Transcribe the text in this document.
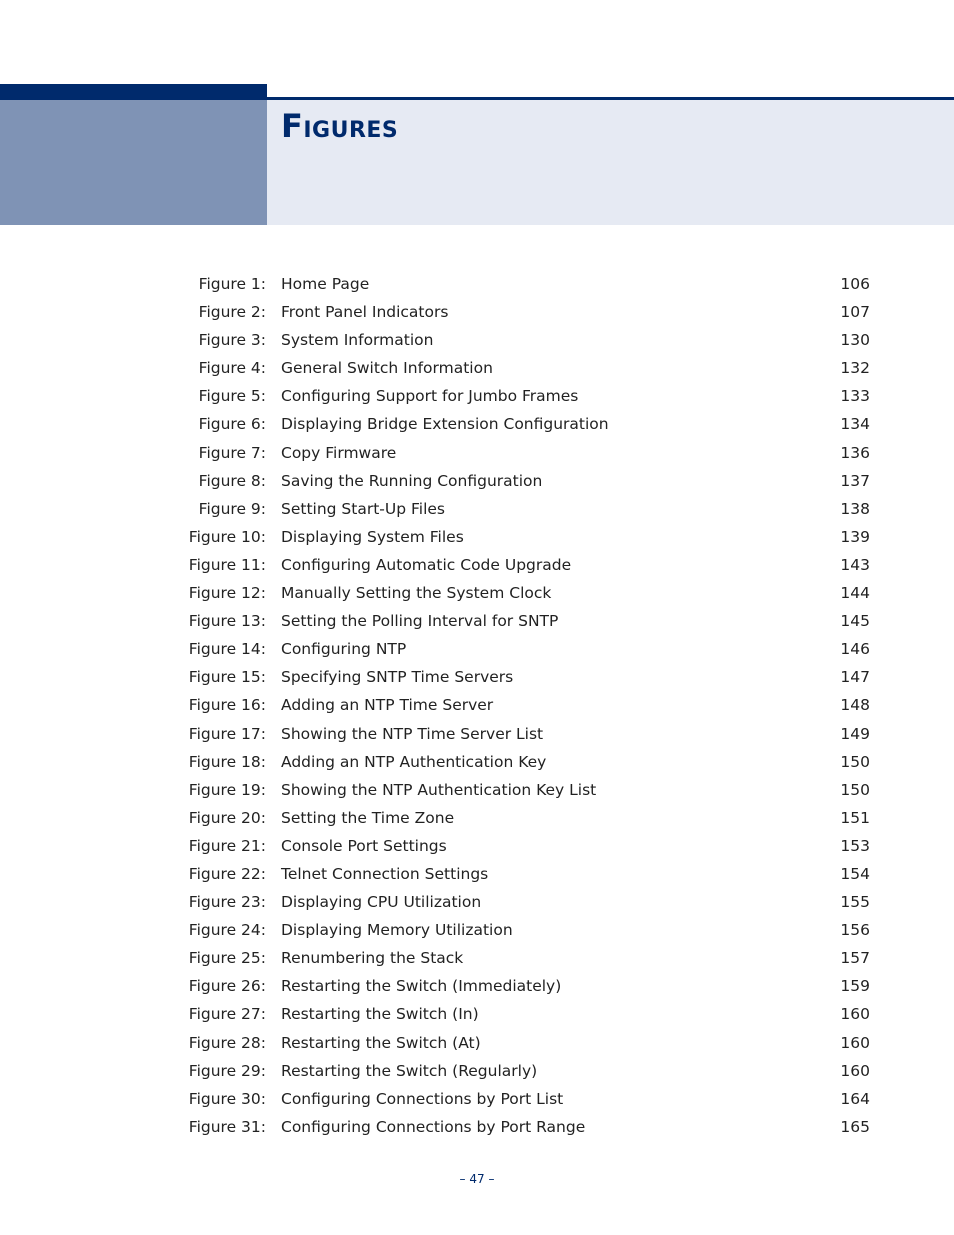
Figures
Figure 1: Home Page	106
Figure 2: Front Panel Indicators	107
Figure 3: System Information	130
Figure 4: General Switch Information	132
Figure 5: Configuring Support for Jumbo Frames	133
Figure 6: Displaying Bridge Extension Configuration	134
Figure 7: Copy Firmware	136
Figure 8: Saving the Running Configuration	137
Figure 9: Setting Start-Up Files	138
Figure 10: Displaying System Files	139
Figure 11: Configuring Automatic Code Upgrade	143
Figure 12: Manually Setting the System Clock	144
Figure 13: Setting the Polling Interval for SNTP	145
Figure 14: Configuring NTP	146
Figure 15: Specifying SNTP Time Servers	147
Figure 16: Adding an NTP Time Server	148
Figure 17: Showing the NTP Time Server List	149
Figure 18: Adding an NTP Authentication Key	150
Figure 19: Showing the NTP Authentication Key List	150
Figure 20: Setting the Time Zone	151
Figure 21: Console Port Settings	153
Figure 22: Telnet Connection Settings	154
Figure 23: Displaying CPU Utilization	155
Figure 24: Displaying Memory Utilization	156
Figure 25: Renumbering the Stack	157
Figure 26: Restarting the Switch (Immediately)	159
Figure 27: Restarting the Switch (In)	160
Figure 28: Restarting the Switch (At)	160
Figure 29: Restarting the Switch (Regularly)	160
Figure 30: Configuring Connections by Port List	164
Figure 31: Configuring Connections by Port Range	165
– 47 –
